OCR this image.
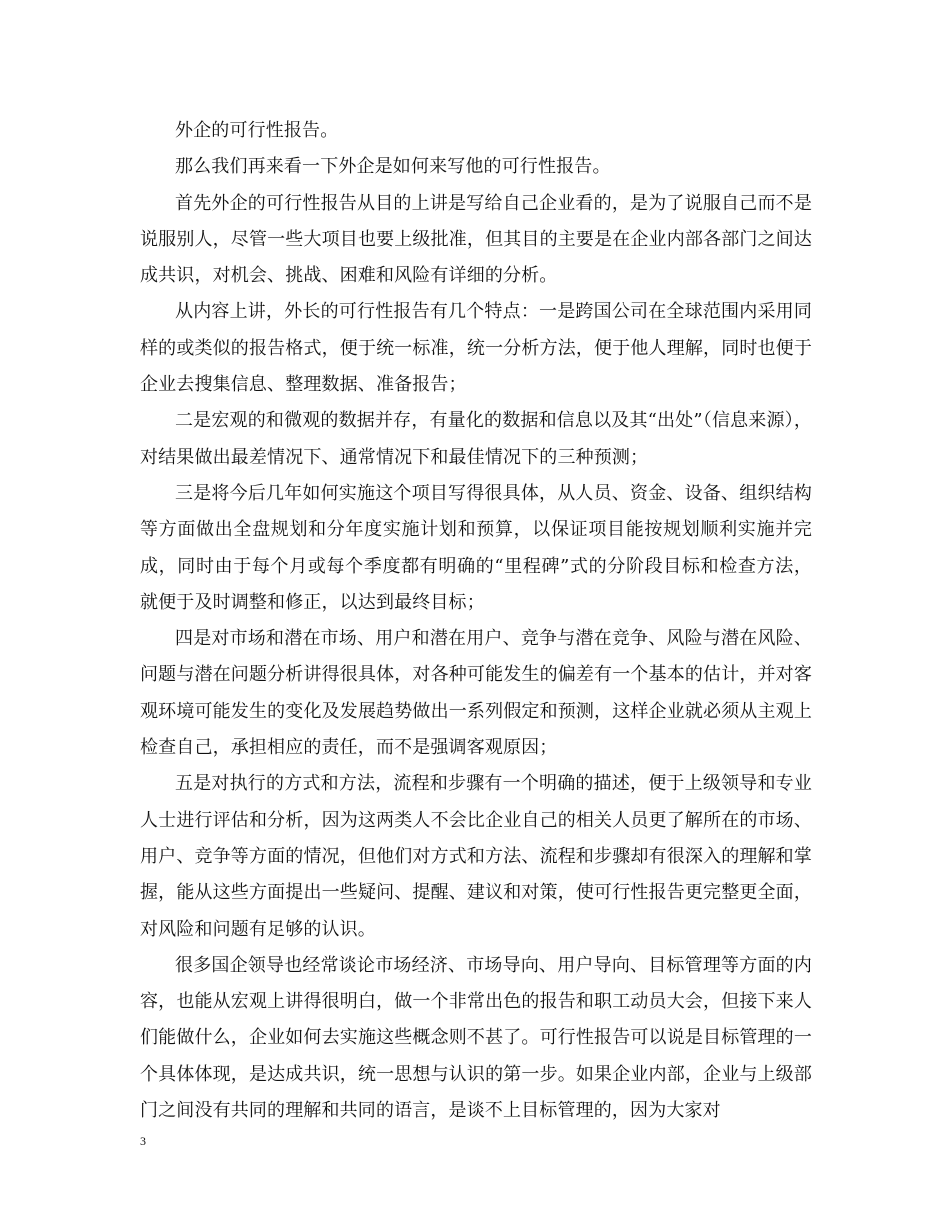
外企的可行性报告。

那么我们再来看一下外企是如何来写他的可行性报告。

首先外企的可行性报告从目的上讲是写给自己企业看的，是为了说服自己而不是说服别人，尽管一些大项目也要上级批准，但其目的主要是在企业内部各部门之间达成共识，对机会、挑战、困难和风险有详细的分析。

从内容上讲，外长的可行性报告有几个特点：一是跨国公司在全球范围内采用同样的或类似的报告格式，便于统一标准，统一分析方法，便于他人理解，同时也便于企业去搜集信息、整理数据、准备报告；

二是宏观的和微观的数据并存，有量化的数据和信息以及其“出处”（信息来源），对结果做出最差情况下、通常情况下和最佳情况下的三种预测；

三是将今后几年如何实施这个项目写得很具体，从人员、资金、设备、组织结构等方面做出全盘规划和分年度实施计划和预算，以保证项目能按规划顺利实施并完成，同时由于每个月或每个季度都有明确的“里程碑”式的分阶段目标和检查方法，就便于及时调整和修正，以达到最终目标；

四是对市场和潜在市场、用户和潜在用户、竞争与潜在竞争、风险与潜在风险、问题与潜在问题分析讲得很具体，对各种可能发生的偏差有一个基本的估计，并对客观环境可能发生的变化及发展趋势做出一系列假定和预测，这样企业就必须从主观上检查自己，承担相应的责任，而不是强调客观原因；

五是对执行的方式和方法，流程和步骤有一个明确的描述，便于上级领导和专业人士进行评估和分析，因为这两类人不会比企业自己的相关人员更了解所在的市场、用户、竞争等方面的情况，但他们对方式和方法、流程和步骤却有很深入的理解和掌握，能从这些方面提出一些疑问、提醒、建议和对策，使可行性报告更完整更全面，对风险和问题有足够的认识。

很多国企领导也经常谈论市场经济、市场导向、用户导向、目标管理等方面的内容，也能从宏观上讲得很明白，做一个非常出色的报告和职工动员大会，但接下来人们能做什么，企业如何去实施这些概念则不甚了。可行性报告可以说是目标管理的一个具体体现，是达成共识，统一思想与认识的第一步。如果企业内部，企业与上级部门之间没有共同的理解和共同的语言，是谈不上目标管理的，因为大家对

3
